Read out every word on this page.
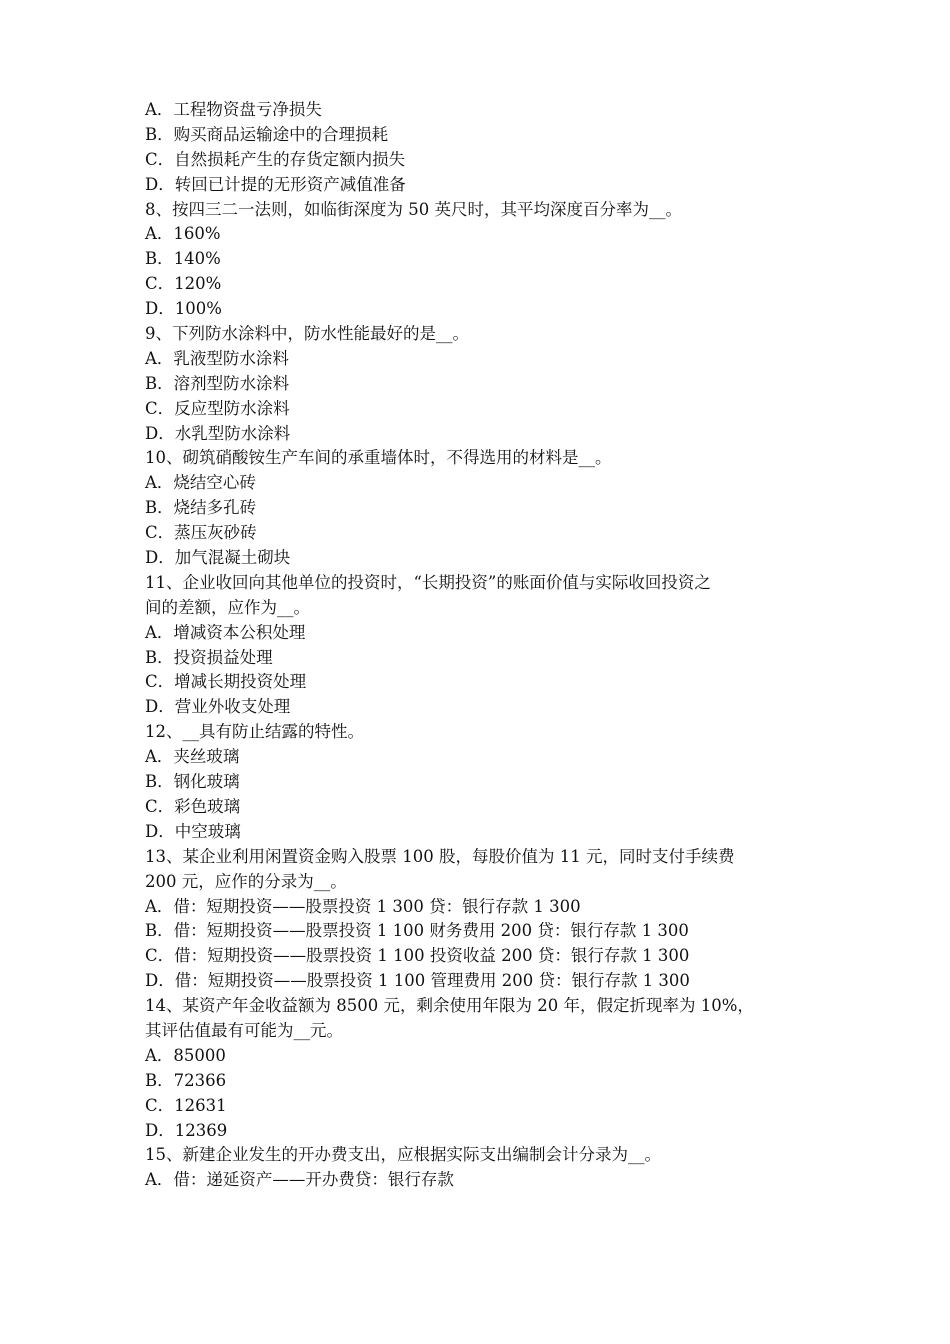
A．工程物资盘亏净损失
B．购买商品运输途中的合理损耗
C．自然损耗产生的存货定额内损失
D．转回已计提的无形资产减值准备
8、按四三二一法则，如临街深度为 50 英尺时，其平均深度百分率为__。
A．160%
B．140%
C．120%
D．100%
9、下列防水涂料中，防水性能最好的是__。
A．乳液型防水涂料
B．溶剂型防水涂料
C．反应型防水涂料
D．水乳型防水涂料
10、砌筑硝酸铵生产车间的承重墙体时，不得选用的材料是__。
A．烧结空心砖
B．烧结多孔砖
C．蒸压灰砂砖
D．加气混凝土砌块
11、企业收回向其他单位的投资时，“长期投资”的账面价值与实际收回投资之
间的差额，应作为__。
A．增减资本公积处理
B．投资损益处理
C．增减长期投资处理
D．营业外收支处理
12、__具有防止结露的特性。
A．夹丝玻璃
B．钢化玻璃
C．彩色玻璃
D．中空玻璃
13、某企业利用闲置资金购入股票 100 股，每股价值为 11 元，同时支付手续费
200 元，应作的分录为__。
A．借：短期投资——股票投资 1 300 贷：银行存款 1 300
B．借：短期投资——股票投资 1 100 财务费用 200 贷：银行存款 1 300
C．借：短期投资——股票投资 1 100 投资收益 200 贷：银行存款 1 300
D．借：短期投资——股票投资 1 100 管理费用 200 贷：银行存款 1 300
14、某资产年金收益额为 8500 元，剩余使用年限为 20 年，假定折现率为 10%，
其评估值最有可能为__元。
A．85000
B．72366
C．12631
D．12369
15、新建企业发生的开办费支出，应根据实际支出编制会计分录为__。
A．借：递延资产——开办费贷：银行存款
